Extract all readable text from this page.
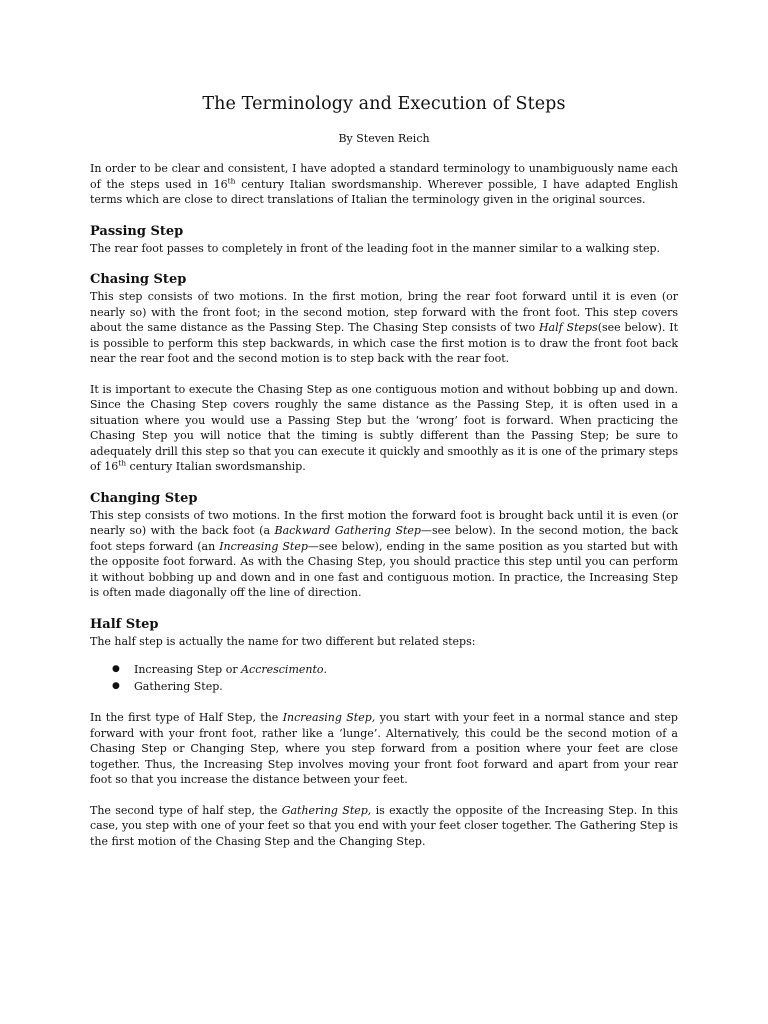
The Terminology and Execution of Steps
By Steven Reich

In order to be clear and consistent, I have adopted a standard terminology to unambiguously name each of the steps used in 16th century Italian swordsmanship. Wherever possible, I have adapted English terms which are close to direct translations of Italian the terminology given in the original sources.

Passing Step

The rear foot passes to completely in front of the leading foot in the manner similar to a walking step.

Chasing Step

This step consists of two motions. In the first motion, bring the rear foot forward until it is even (or nearly so) with the front foot; in the second motion, step forward with the front foot. This step covers about the same distance as the Passing Step. The Chasing Step consists of two Half Steps(see below). It is possible to perform this step backwards, in which case the first motion is to draw the front foot back near the rear foot and the second motion is to step back with the rear foot.

It is important to execute the Chasing Step as one contiguous motion and without bobbing up and down. Since the Chasing Step covers roughly the same distance as the Passing Step, it is often used in a situation where you would use a Passing Step but the ‘wrong’ foot is forward. When practicing the Chasing Step you will notice that the timing is subtly different than the Passing Step; be sure to adequately drill this step so that you can execute it quickly and smoothly as it is one of the primary steps of 16th century Italian swordsmanship.

Changing Step

This step consists of two motions. In the first motion the forward foot is brought back until it is even (or nearly so) with the back foot (a Backward Gathering Step—see below). In the second motion, the back foot steps forward (an Increasing Step—see below), ending in the same position as you started but with the opposite foot forward. As with the Chasing Step, you should practice this step until you can perform it without bobbing up and down and in one fast and contiguous motion. In practice, the Increasing Step is often made diagonally off the line of direction.

Half Step

The half step is actually the name for two different but related steps:

● Increasing Step or Accrescimento.
● Gathering Step.

In the first type of Half Step, the Increasing Step, you start with your feet in a normal stance and step forward with your front foot, rather like a ‘lunge’. Alternatively, this could be the second motion of a Chasing Step or Changing Step, where you step forward from a position where your feet are close together. Thus, the Increasing Step involves moving your front foot forward and apart from your rear foot so that you increase the distance between your feet.

The second type of half step, the Gathering Step, is exactly the opposite of the Increasing Step. In this case, you step with one of your feet so that you end with your feet closer together. The Gathering Step is the first motion of the Chasing Step and the Changing Step.
